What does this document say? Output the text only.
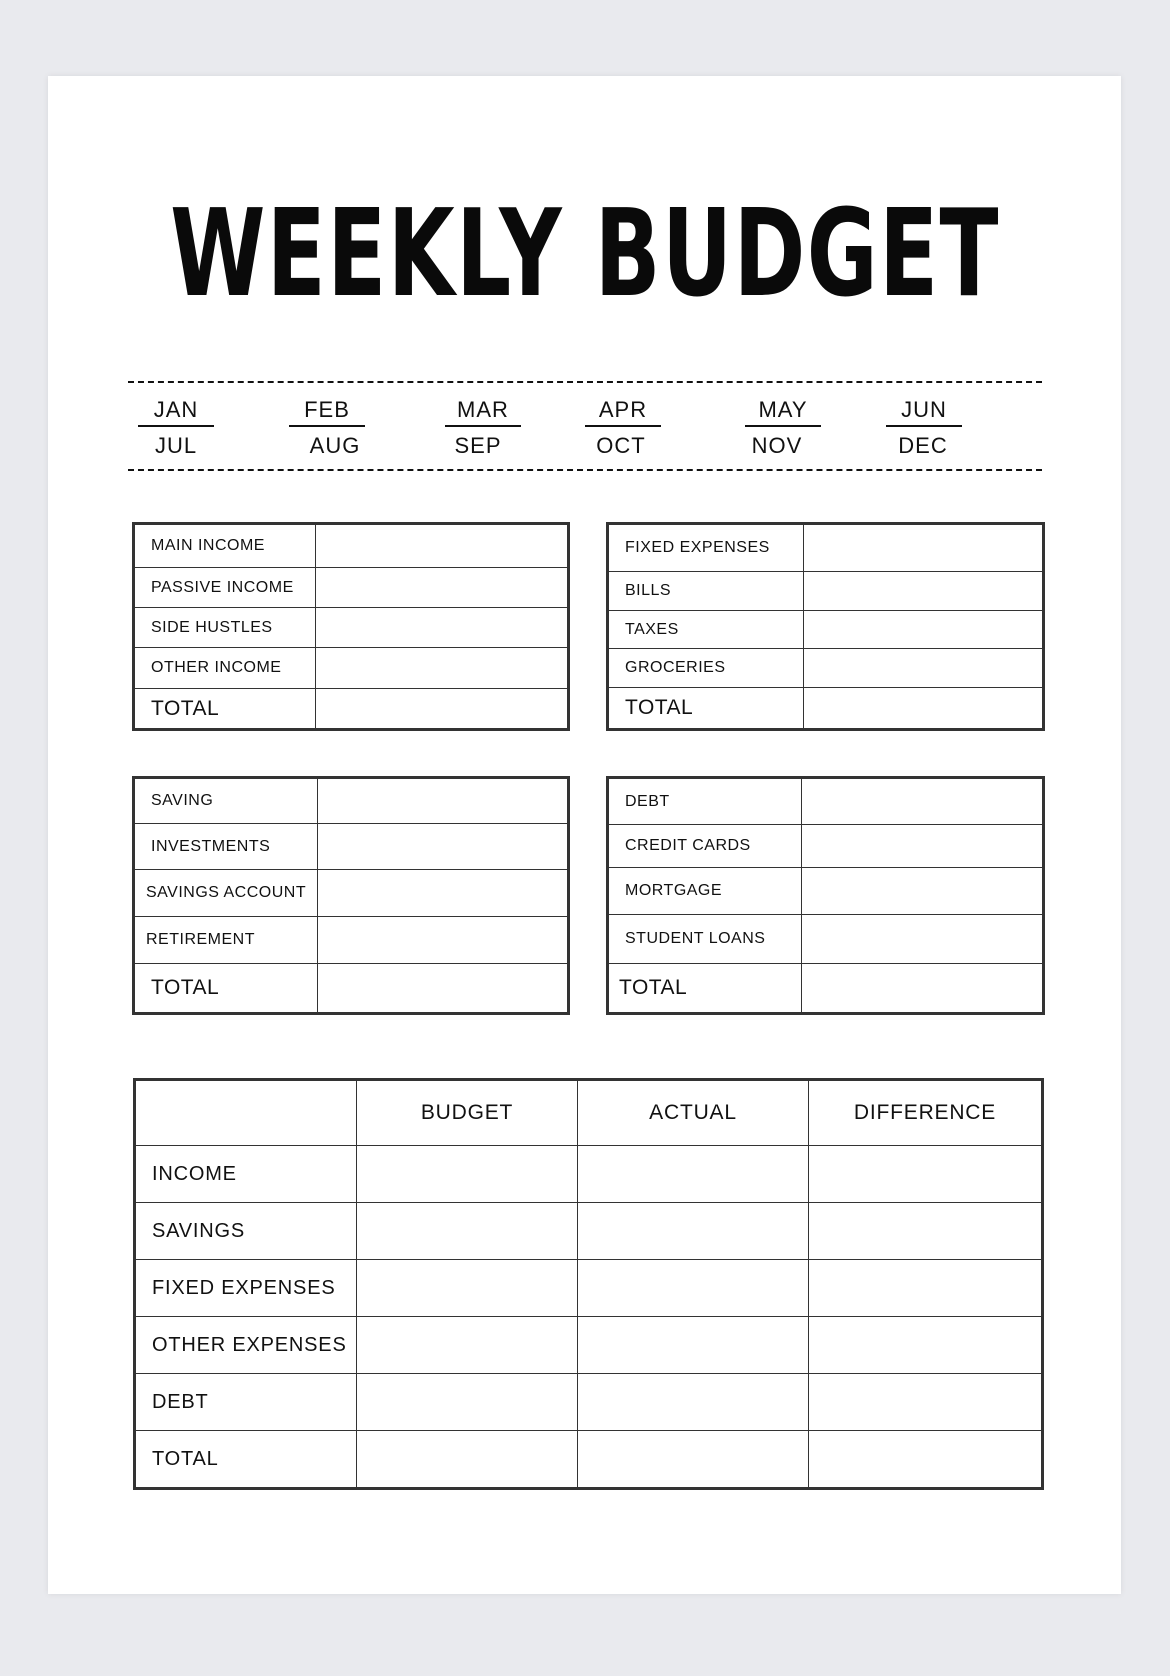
WEEKLY BUDGET
JAN	FEB	MAR	APR	MAY	JUN
JUL	AUG	SEP	OCT	NOV	DEC
MAIN INCOME	
PASSIVE INCOME	
SIDE HUSTLES	
OTHER INCOME	
TOTAL	
FIXED EXPENSES	
BILLS	
TAXES	
GROCERIES	
TOTAL	
SAVING	
INVESTMENTS	
SAVINGS ACCOUNT	
RETIREMENT	
TOTAL	
DEBT	
CREDIT CARDS	
MORTGAGE	
STUDENT LOANS	
TOTAL	
	BUDGET	ACTUAL	DIFFERENCE
INCOME			
SAVINGS			
FIXED EXPENSES			
OTHER EXPENSES			
DEBT			
TOTAL			
